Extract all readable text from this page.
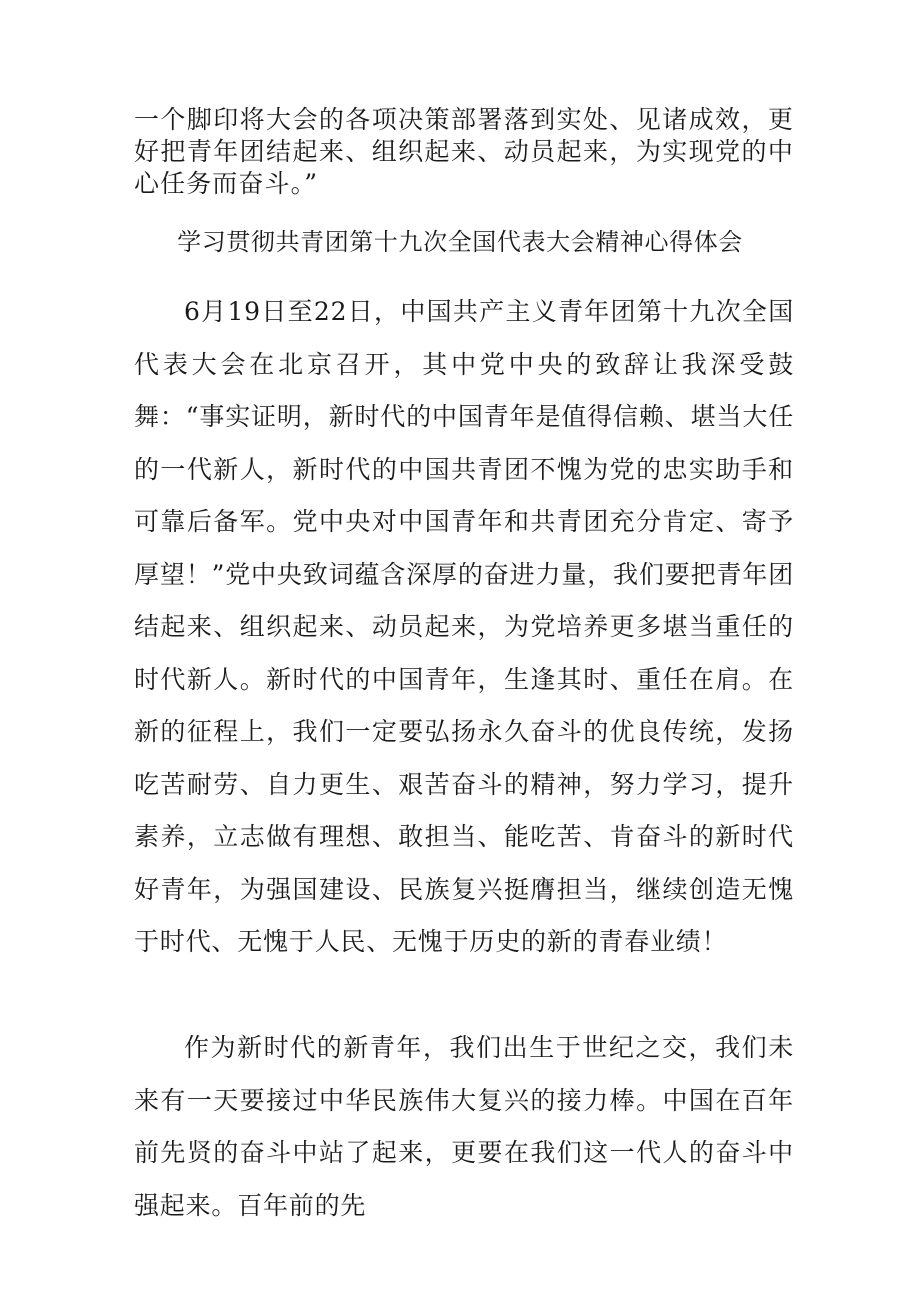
一个脚印将大会的各项决策部署落到实处、见诸成效，更好把青年团结起来、组织起来、动员起来，为实现党的中心任务而奋斗。”

学习贯彻共青团第十九次全国代表大会精神心得体会

6月19日至22日，中国共产主义青年团第十九次全国代表大会在北京召开，其中党中央的致辞让我深受鼓舞：“事实证明，新时代的中国青年是值得信赖、堪当大任的一代新人，新时代的中国共青团不愧为党的忠实助手和可靠后备军。党中央对中国青年和共青团充分肯定、寄予厚望！”党中央致词蕴含深厚的奋进力量，我们要把青年团结起来、组织起来、动员起来，为党培养更多堪当重任的时代新人。新时代的中国青年，生逢其时、重任在肩。在新的征程上，我们一定要弘扬永久奋斗的优良传统，发扬吃苦耐劳、自力更生、艰苦奋斗的精神，努力学习，提升素养，立志做有理想、敢担当、能吃苦、肯奋斗的新时代好青年，为强国建设、民族复兴挺膺担当，继续创造无愧于时代、无愧于人民、无愧于历史的新的青春业绩！

作为新时代的新青年，我们出生于世纪之交，我们未来有一天要接过中华民族伟大复兴的接力棒。中国在百年前先贤的奋斗中站了起来，更要在我们这一代人的奋斗中强起来。百年前的先
